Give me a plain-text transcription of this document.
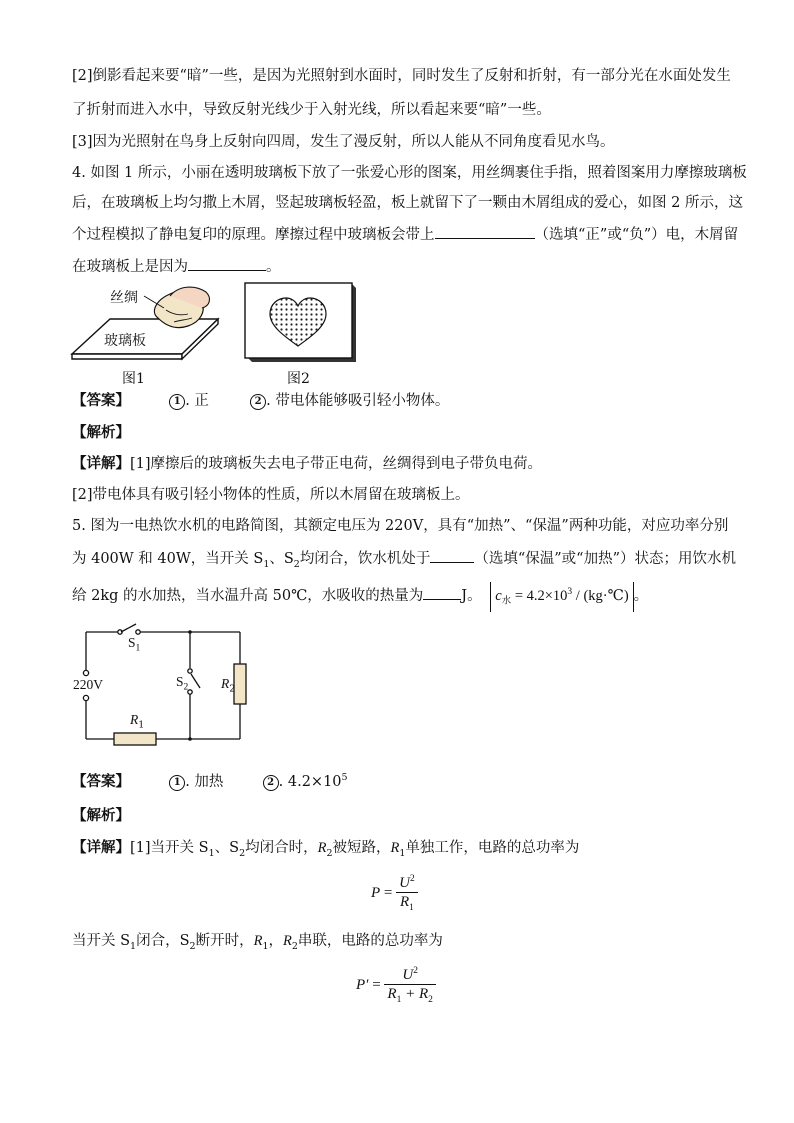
[2]倒影看起来要“暗”一些，是因为光照射到水面时，同时发生了反射和折射，有一部分光在水面处发生
了折射而进入水中，导致反射光线少于入射光线，所以看起来要“暗”一些。
[3]因为光照射在鸟身上反射向四周，发生了漫反射，所以人能从不同角度看见水鸟。
4. 如图 1 所示，小丽在透明玻璃板下放了一张爱心形的图案，用丝绸裹住手指，照着图案用力摩擦玻璃板
后，在玻璃板上均匀撒上木屑，竖起玻璃板轻盈，板上就留下了一颗由木屑组成的爱心，如图 2 所示，这
个过程模拟了静电复印的原理。摩擦过程中玻璃板会带上	（选填“正”或“负”）电，木屑留
在玻璃板上是因为	。
丝绸
玻璃板
图1	图2
【答案】	1 . 正	2 . 带电体能够吸引轻小物体。
【解析】
【详解】[1]摩擦后的玻璃板失去电子带正电荷，丝绸得到电子带负电荷。
[2]带电体具有吸引轻小物体的性质，所以木屑留在玻璃板上。
5. 图为一电热饮水机的电路简图，其额定电压为 220V，具有“加热”、“保温”两种功能，对应功率分别
为 400W 和 40W，当开关 $S_1$、$S_2$均闭合，饮水机处于	（选填“保温”或“加热”）状态；用饮水机
给 2kg 的水加热，当水温升高 50℃，水吸收的热量为	J。 $c_水 = 4.2\times 10^3$ / (kg·℃) 。
220V
$S_1$
$S_2$
$R_1$
$R_2$
【答案】	1 . 加热	2 . $4.2\times 10^5$
【解析】
【详解】[1]当开关 $S_1$、$S_2$均闭合时，$R_2$被短路，$R_1$单独工作，电路的总功率为
$P = \frac{U^2}{R_1}$
当开关 $S_1$闭合，$S_2$断开时，$R_1$，$R_2$串联，电路的总功率为
$P' = \frac{U^2}{R_1 + R_2}$
